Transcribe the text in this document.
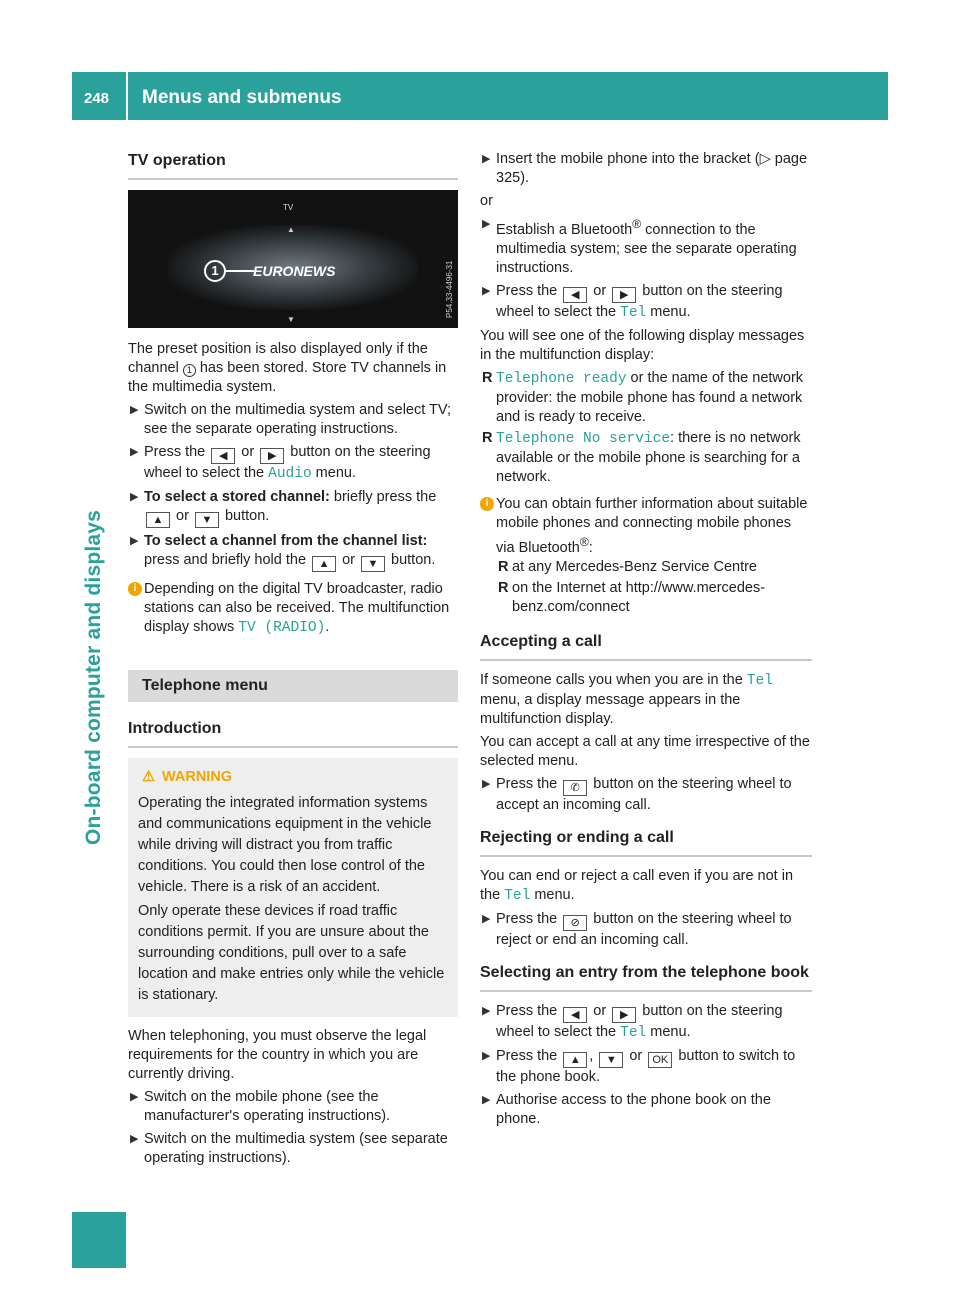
248 Menus and submenus
On-board computer and displays
TV operation
TV
▲
1	EURONEWS
▼
P54.33-4496-31

The preset position is also displayed only if the channel 1 has been stored. Store TV channels in the multimedia system.

▶ Switch on the multimedia system and select TV; see the separate operating instructions.
▶ Press the ◀ or ▶ button on the steering wheel to select the Audio menu.
▶ To select a stored channel: briefly press the ▲ or ▼ button.
▶ To select a channel from the channel list: press and briefly hold the ▲ or ▼ button.
i Depending on the digital TV broadcaster, radio stations can also be received. The multifunction display shows TV (RADIO).
Telephone menu
Introduction
⚠ WARNING

Operating the integrated information systems and communications equipment in the vehicle while driving will distract you from traffic conditions. You could then lose control of the vehicle. There is a risk of an accident.

Only operate these devices if road traffic conditions permit. If you are unsure about the surrounding conditions, pull over to a safe location and make entries only while the vehicle is stationary.

When telephoning, you must observe the legal requirements for the country in which you are currently driving.

▶ Switch on the mobile phone (see the manufacturer's operating instructions).
▶ Switch on the multimedia system (see separate operating instructions).
▶ Insert the mobile phone into the bracket (▷ page 325).

or

▶ Establish a Bluetooth® connection to the multimedia system; see the separate operating instructions.
▶ Press the ◀ or ▶ button on the steering wheel to select the Tel menu.

You will see one of the following display messages in the multifunction display:

R Telephone ready or the name of the network provider: the mobile phone has found a network and is ready to receive.
R Telephone No service: there is no network available or the mobile phone is searching for a network.
i You can obtain further information about suitable mobile phones and connecting mobile phones via Bluetooth®:
R at any Mercedes-Benz Service Centre
R on the Internet at http://www.mercedes-benz.com/connect
Accepting a call

If someone calls you when you are in the Tel menu, a display message appears in the multifunction display.

You can accept a call at any time irrespective of the selected menu.

▶ Press the ✆ button on the steering wheel to accept an incoming call.
Rejecting or ending a call

You can end or reject a call even if you are not in the Tel menu.

▶ Press the ⊘ button on the steering wheel to reject or end an incoming call.
Selecting an entry from the telephone book
▶ Press the ◀ or ▶ button on the steering wheel to select the Tel menu.
▶ Press the ▲ , ▼ or OK button to switch to the phone book.
▶ Authorise access to the phone book on the phone.
